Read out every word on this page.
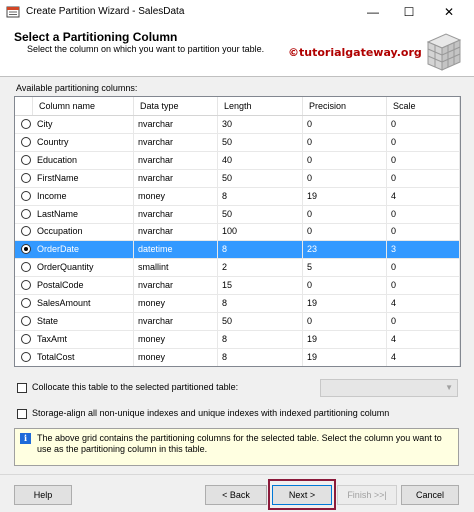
Create Partition Wizard - SalesData	—	☐	✕
Select a Partitioning Column
Select the column on which you want to partition your table. ©tutorialgateway.org
Available partitioning columns:
Column name	Data type	Length	Precision	Scale
City	nvarchar	30	0	0
Country	nvarchar	50	0	0
Education	nvarchar	40	0	0
FirstName	nvarchar	50	0	0
Income	money	8	19	4
LastName	nvarchar	50	0	0
Occupation	nvarchar	100	0	0
OrderDate	datetime	8	23	3
OrderQuantity	smallint	2	5	0
PostalCode	nvarchar	15	0	0
SalesAmount	money	8	19	4
State	nvarchar	50	0	0
TaxAmt	money	8	19	4
TotalCost	money	8	19	4
Collocate this table to the selected partitioned table:	▼
Storage-align all non-unique indexes and unique indexes with indexed partitioning column
i	The above grid contains the partitioning columns for the selected table. Select the column you want to use as the partitioning column in this table.
Help	< Back	Next >	Finish >>|	Cancel
